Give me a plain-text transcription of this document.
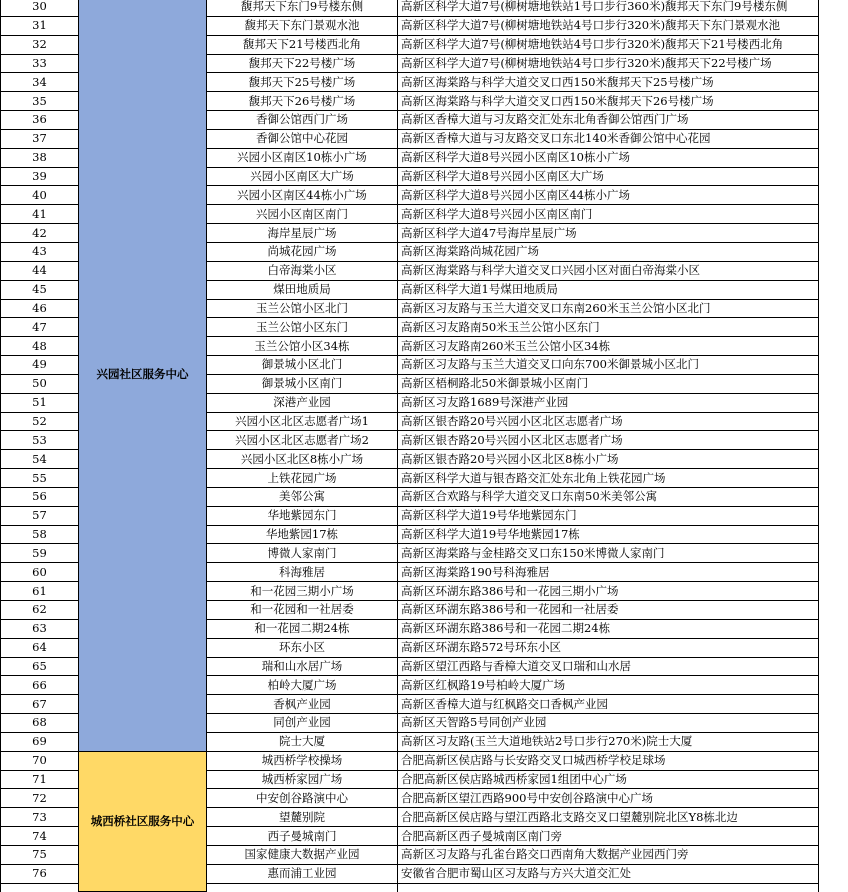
30	兴园社区服务中心	馥邦天下东门9号楼东侧	高新区科学大道7号(柳树塘地铁站1号口步行360米)馥邦天下东门9号楼东侧
31		馥邦天下东门景观水池	高新区科学大道7号(柳树塘地铁站4号口步行320米)馥邦天下东门景观水池
32		馥邦天下21号楼西北角	高新区科学大道7号(柳树塘地铁站4号口步行320米)馥邦天下21号楼西北角
33		馥邦天下22号楼广场	高新区科学大道7号(柳树塘地铁站4号口步行320米)馥邦天下22号楼广场
34		馥邦天下25号楼广场	高新区海棠路与科学大道交叉口西150米馥邦天下25号楼广场
35		馥邦天下26号楼广场	高新区海棠路与科学大道交叉口西150米馥邦天下26号楼广场
36		香御公馆西门广场	高新区香樟大道与习友路交汇处东北角香御公馆西门广场
37		香御公馆中心花园	高新区香樟大道与习友路交叉口东北140米香御公馆中心花园
38		兴园小区南区10栋小广场	高新区科学大道8号兴园小区南区10栋小广场
39		兴园小区南区大广场	高新区科学大道8号兴园小区南区大广场
40		兴园小区南区44栋小广场	高新区科学大道8号兴园小区南区44栋小广场
41		兴园小区南区南门	高新区科学大道8号兴园小区南区南门
42		海岸星辰广场	高新区科学大道47号海岸星辰广场
43		尚城花园广场	高新区海棠路尚城花园广场
44		白帝海棠小区	高新区海棠路与科学大道交叉口兴园小区对面白帝海棠小区
45		煤田地质局	高新区科学大道1号煤田地质局
46		玉兰公馆小区北门	高新区习友路与玉兰大道交叉口东南260米玉兰公馆小区北门
47		玉兰公馆小区东门	高新区习友路南50米玉兰公馆小区东门
48		玉兰公馆小区34栋	高新区习友路南260米玉兰公馆小区34栋
49		御景城小区北门	高新区习友路与玉兰大道交叉口向东700米御景城小区北门
50		御景城小区南门	高新区梧桐路北50米御景城小区南门
51		深港产业园	高新区习友路1689号深港产业园
52		兴园小区北区志愿者广场1	高新区银杏路20号兴园小区北区志愿者广场
53		兴园小区北区志愿者广场2	高新区银杏路20号兴园小区北区志愿者广场
54		兴园小区北区8栋小广场	高新区银杏路20号兴园小区北区8栋小广场
55		上铁花园广场	高新区科学大道与银杏路交汇处东北角上铁花园广场
56		美邻公寓	高新区合欢路与科学大道交叉口东南50米美邻公寓
57		华地紫园东门	高新区科学大道19号华地紫园东门
58		华地紫园17栋	高新区科学大道19号华地紫园17栋
59		博微人家南门	高新区海棠路与金桂路交叉口东150米博微人家南门
60		科海雅居	高新区海棠路190号科海雅居
61		和一花园三期小广场	高新区环湖东路386号和一花园三期小广场
62		和一花园和一社居委	高新区环湖东路386号和一花园和一社居委
63		和一花园二期24栋	高新区环湖东路386号和一花园二期24栋
64		环东小区	高新区环湖东路572号环东小区
65		瑞和山水居广场	高新区望江西路与香樟大道交叉口瑞和山水居
66		柏岭大厦广场	高新区红枫路19号柏岭大厦广场
67		香枫产业园	高新区香樟大道与红枫路交口香枫产业园
68		同创产业园	高新区天智路5号同创产业园
69		院士大厦	高新区习友路(玉兰大道地铁站2号口步行270米)院士大厦
70	城西桥社区服务中心	城西桥学校操场	合肥高新区侯店路与长安路交叉口城西桥学校足球场
71		城西桥家园广场	合肥高新区侯店路城西桥家园1组团中心广场
72		中安创谷路演中心	合肥高新区望江西路900号中安创谷路演中心广场
73		望麓别院	合肥高新区侯店路与望江西路北支路交叉口望麓别院北区Y8栋北边
74		西子曼城南门	合肥高新区西子曼城南区南门旁
75		国家健康大数据产业园	高新区习友路与孔雀台路交口西南角大数据产业园西门旁
76		惠而浦工业园	安徽省合肥市蜀山区习友路与方兴大道交汇处
